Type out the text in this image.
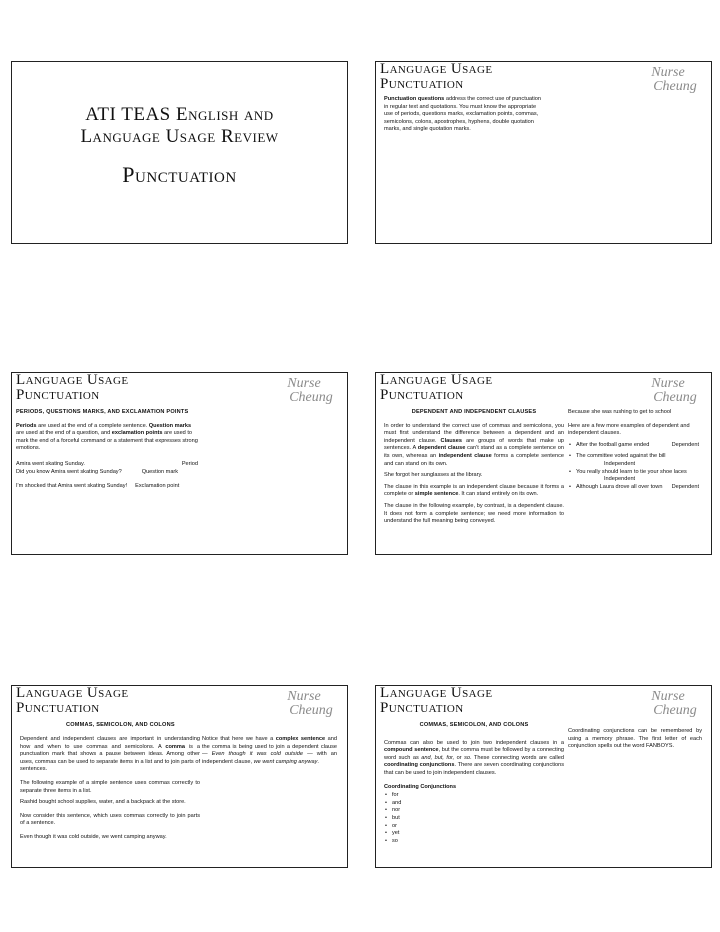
ATI TEAS English and
Language Usage Review
Punctuation
Language Usage
Punctuation
Nurse
Cheung

Punctuation questions address the correct use of punctuation in regular text and quotations. You must know the appropriate use of periods, questions marks, exclamation points, commas, semicolons, colons, apostrophes, hyphens, double quotation marks, and single quotation marks.

Language Usage
Punctuation
Nurse
Cheung

PERIODS, QUESTIONS MARKS, AND EXCLAMATION POINTS

Periods are used at the end of a complete sentence. Question marks are used at the end of a question, and exclamation points are used to mark the end of a forceful command or a statement that expresses strong emotions.

Amira went skating Sunday.	Period
Did you know Amira went skating Sunday?	Question mark
I'm shocked that Amira went skating Sunday! Exclamation point
Language Usage
Punctuation
Nurse
Cheung

DEPENDENT AND INDEPENDENT CLAUSES

In order to understand the correct use of commas and semicolons, you must first understand the difference between a dependent and an independent clause. Clauses are groups of words that make up sentences. A dependent clause can't stand as a complete sentence on its own, whereas an independent clause forms a complete sentence and can stand on its own.

She forgot her sunglasses at the library.

The clause in this example is an independent clause because it forms a complete or simple sentence. It can stand entirely on its own.

The clause in the following example, by contrast, is a dependent clause. It does not form a complete sentence; we need more information to understand the full meaning being conveyed.

Because she was rushing to get to school

Here are a few more examples of dependent and independent clauses.

• After the football game ended	Dependent
• The committee voted against the bill
Independent
• You really should learn to tie your shoe laces
Independent
• Although Laura drove all over town Dependent
Language Usage
Punctuation
Nurse
Cheung

COMMAS, SEMICOLON, AND COLONS

Dependent and independent clauses are important in understanding how and when to use commas and semicolons. A comma is a punctuation mark that shows a pause between ideas. Among other uses, commas can be used to separate items in a list and to join parts of sentences.

The following example of a simple sentence uses commas correctly to separate three items in a list.

Rashid bought school supplies, water, and a backpack at the store.

Now consider this sentence, which uses commas correctly to join parts of a sentence.

Even though it was cold outside, we went camping anyway.

Notice that here we have a complex sentence and the comma is being used to join a dependent clause — Even though it was cold outside — with an independent clause, we went camping anyway.

Language Usage
Punctuation
Nurse
Cheung

COMMAS, SEMICOLON, AND COLONS

Commas can also be used to join two independent clauses in a compound sentence, but the comma must be followed by a connecting word such as and, but, for, or so. These connecting words are called coordinating conjunctions. There are seven coordinating conjunctions that can be used to join independent clauses.

Coordinating Conjunctions

• for
• and
• nor
• but
• or
• yet
• so

Coordinating conjunctions can be remembered by using a memory phrase. The first letter of each conjunction spells out the word FANBOYS.
